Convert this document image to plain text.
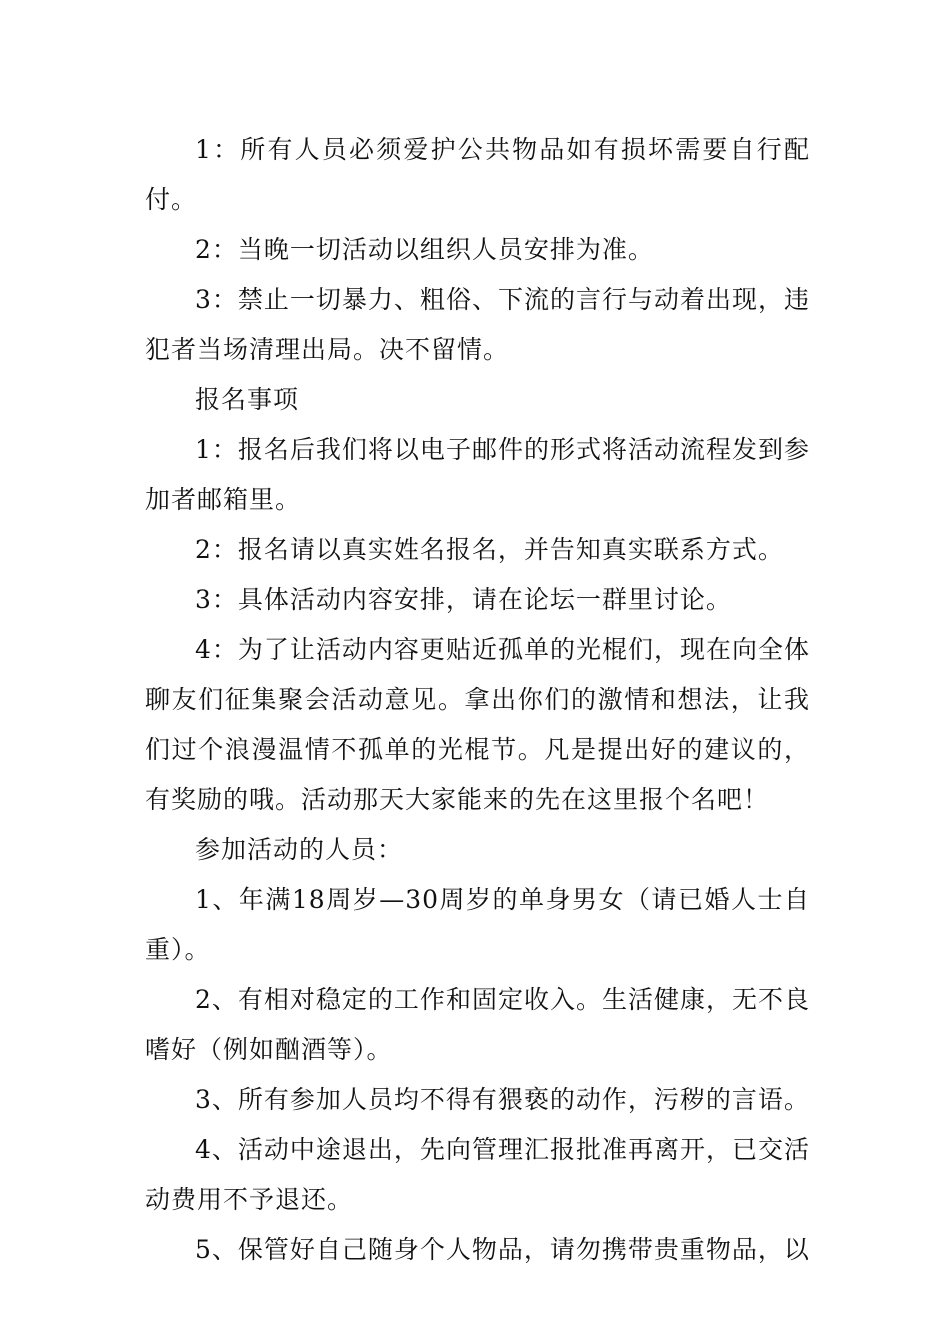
1：所有人员必须爱护公共物品如有损坏需要自行配付。

2：当晚一切活动以组织人员安排为准。

3：禁止一切暴力、粗俗、下流的言行与动着出现，违犯者当场清理出局。决不留情。

报名事项

1：报名后我们将以电子邮件的形式将活动流程发到参加者邮箱里。

2：报名请以真实姓名报名，并告知真实联系方式。

3：具体活动内容安排，请在论坛一群里讨论。

4：为了让活动内容更贴近孤单的光棍们，现在向全体聊友们征集聚会活动意见。拿出你们的激情和想法，让我们过个浪漫温情不孤单的光棍节。凡是提出好的建议的，有奖励的哦。活动那天大家能来的先在这里报个名吧！

参加活动的人员：

1、年满18周岁—30周岁的单身男女（请已婚人士自重）。

2、有相对稳定的工作和固定收入。生活健康，无不良嗜好（例如酗酒等）。

3、所有参加人员均不得有猥亵的动作，污秽的言语。

4、活动中途退出，先向管理汇报批准再离开，已交活动费用不予退还。

5、保管好自己随身个人物品，请勿携带贵重物品，以
